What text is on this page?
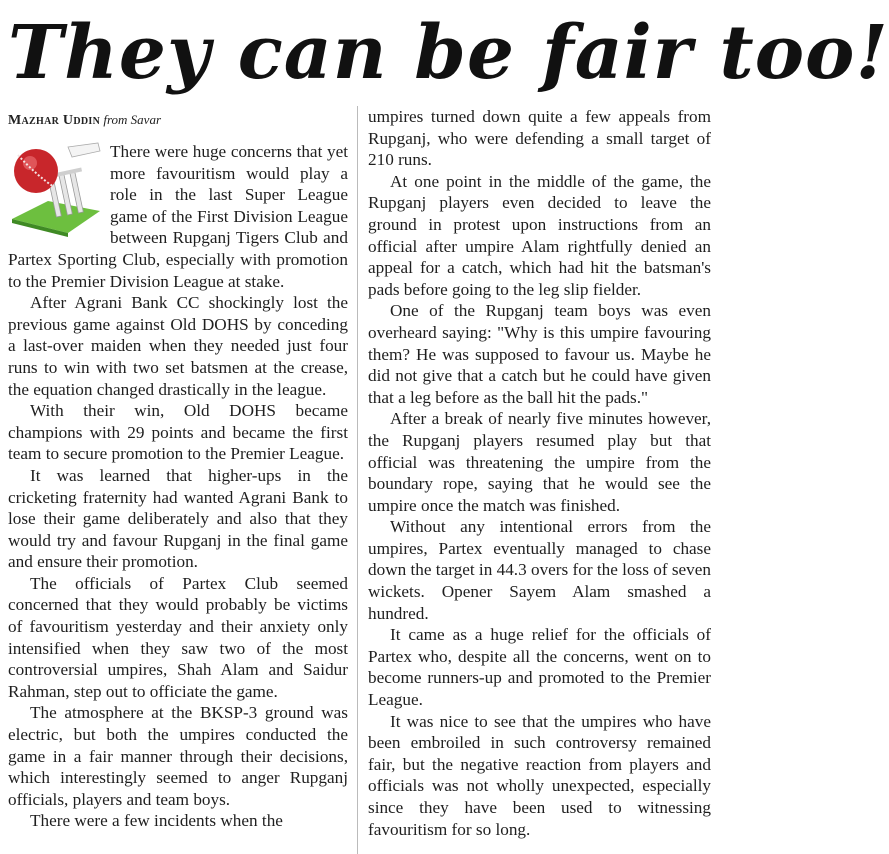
They can be fair too!
Mazhar Uddin from Savar

There were huge concerns that yet more favouritism would play a role in the last Super League game of the First Division League between Rupganj Tigers Club and Partex Sporting Club, especially with promotion to the Premier Division League at stake.

After Agrani Bank CC shockingly lost the previous game against Old DOHS by conceding a last-over maiden when they needed just four runs to win with two set batsmen at the crease, the equation changed drastically in the league.

With their win, Old DOHS became champions with 29 points and became the first team to secure promotion to the Premier League.

It was learned that higher-ups in the cricketing fraternity had wanted Agrani Bank to lose their game deliberately and also that they would try and favour Rupganj in the final game and ensure their promotion.

The officials of Partex Club seemed concerned that they would probably be victims of favouritism yesterday and their anxiety only intensified when they saw two of the most controversial umpires, Shah Alam and Saidur Rahman, step out to officiate the game.

The atmosphere at the BKSP-3 ground was electric, but both the umpires conducted the game in a fair manner through their decisions, which interestingly seemed to anger Rupganj officials, players and team boys.

There were a few incidents when the

umpires turned down quite a few appeals from Rupganj, who were defending a small target of 210 runs.

At one point in the middle of the game, the Rupganj players even decided to leave the ground in protest upon instructions from an official after umpire Alam rightfully denied an appeal for a catch, which had hit the batsman's pads before going to the leg slip fielder.

One of the Rupganj team boys was even overheard saying: "Why is this umpire favouring them? He was supposed to favour us. Maybe he did not give that a catch but he could have given that a leg before as the ball hit the pads."

After a break of nearly five minutes however, the Rupganj players resumed play but that official was threatening the umpire from the boundary rope, saying that he would see the umpire once the match was finished.

Without any intentional errors from the umpires, Partex eventually managed to chase down the target in 44.3 overs for the loss of seven wickets. Opener Sayem Alam smashed a hundred.

It came as a huge relief for the officials of Partex who, despite all the concerns, went on to become runners-up and promoted to the Premier League.

It was nice to see that the umpires who have been embroiled in such controversy remained fair, but the negative reaction from players and officials was not wholly unexpected, especially since they have been used to witnessing favouritism for so long.
